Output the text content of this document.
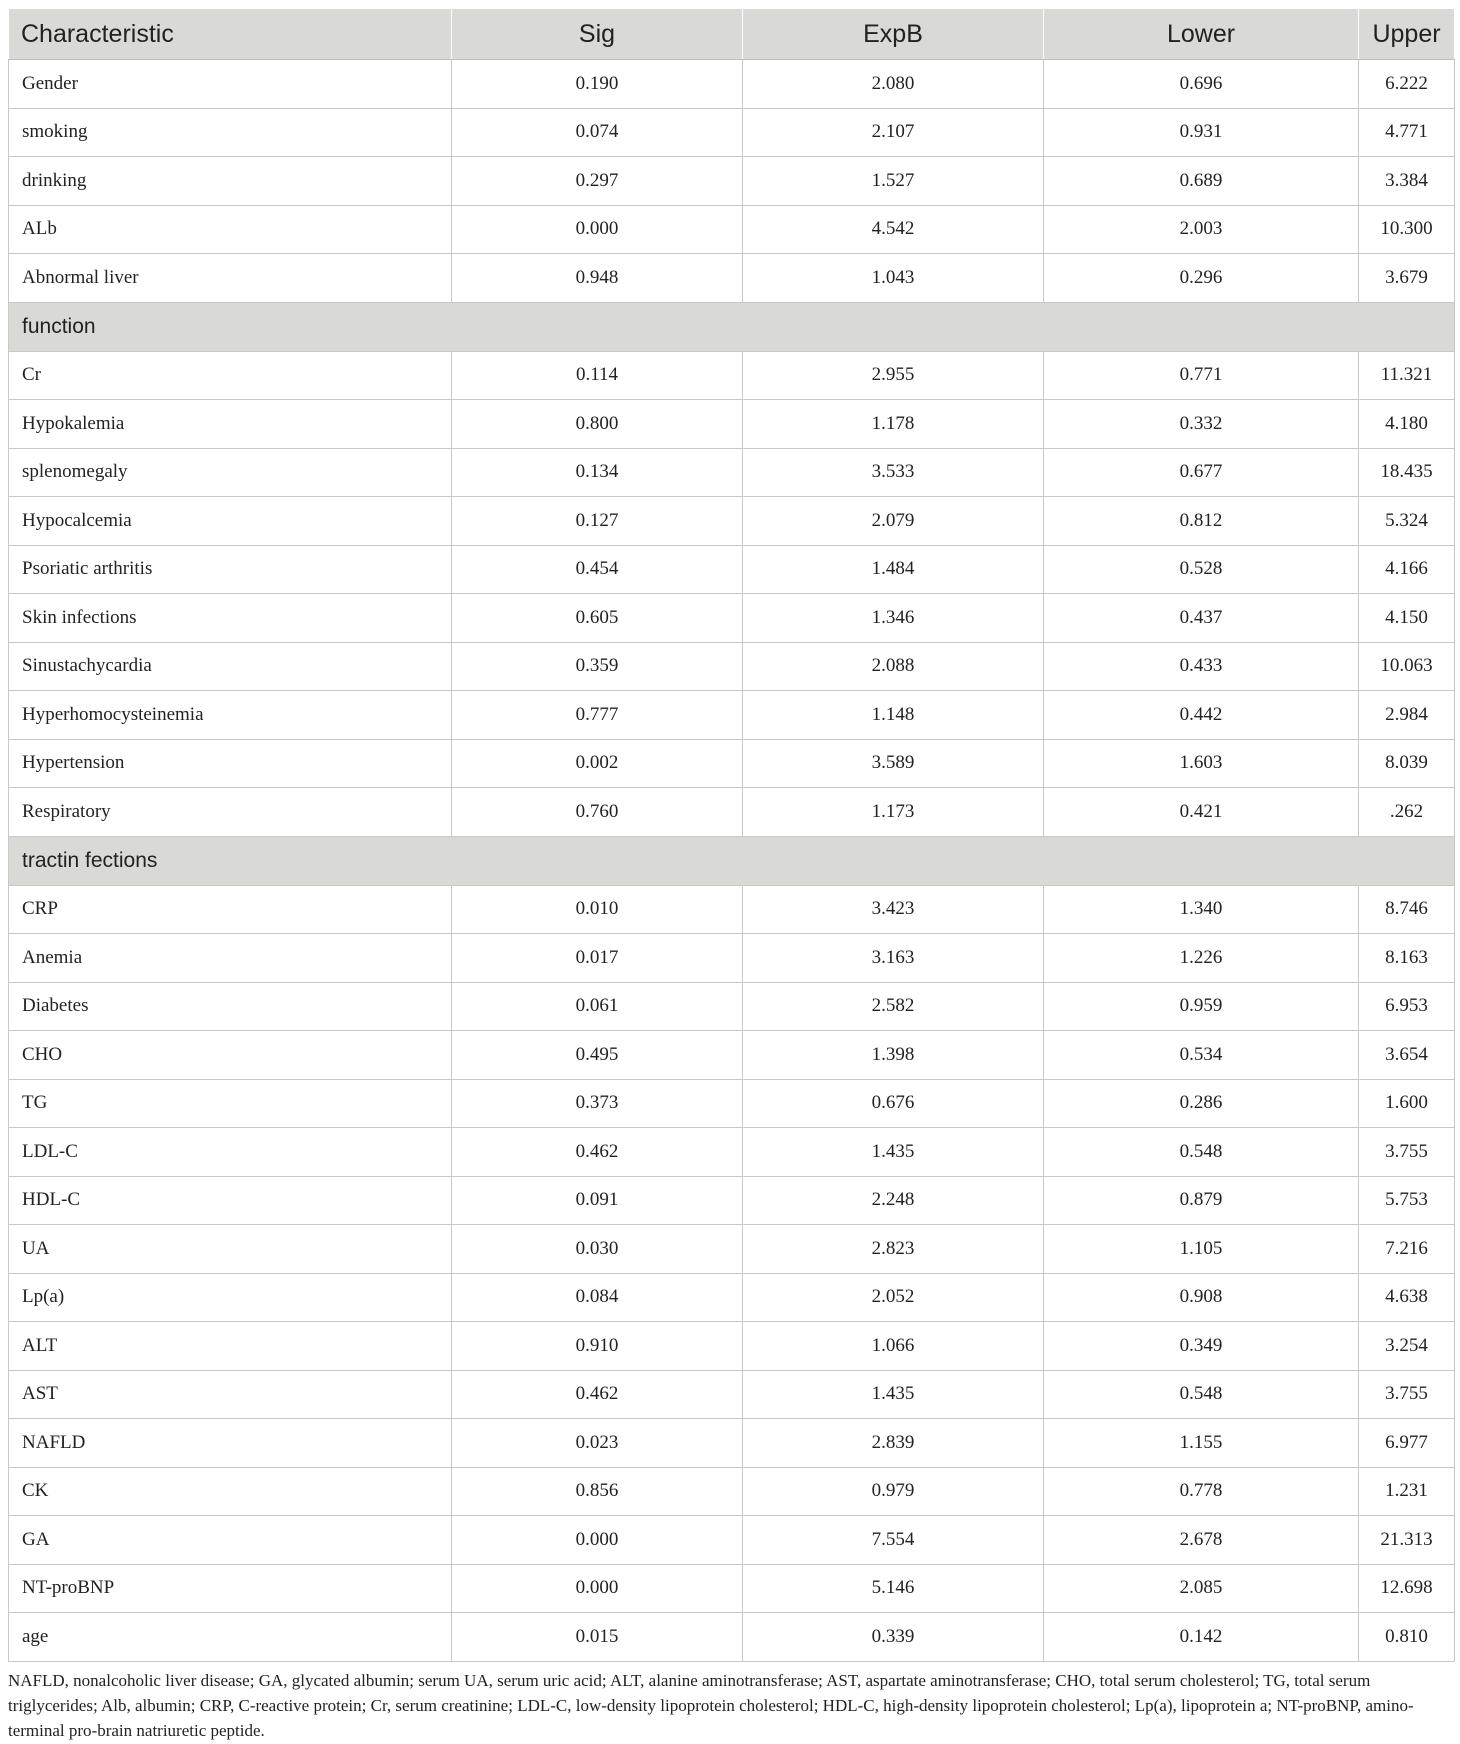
Characteristic	Sig	ExpB	Lower	Upper
Gender	0.190	2.080	0.696	6.222
smoking	0.074	2.107	0.931	4.771
drinking	0.297	1.527	0.689	3.384
ALb	0.000	4.542	2.003	10.300
Abnormal liver	0.948	1.043	0.296	3.679
function				
Cr	0.114	2.955	0.771	11.321
Hypokalemia	0.800	1.178	0.332	4.180
splenomegaly	0.134	3.533	0.677	18.435
Hypocalcemia	0.127	2.079	0.812	5.324
Psoriatic arthritis	0.454	1.484	0.528	4.166
Skin infections	0.605	1.346	0.437	4.150
Sinustachycardia	0.359	2.088	0.433	10.063
Hyperhomocysteinemia	0.777	1.148	0.442	2.984
Hypertension	0.002	3.589	1.603	8.039
Respiratory	0.760	1.173	0.421	.262
tractin fections				
CRP	0.010	3.423	1.340	8.746
Anemia	0.017	3.163	1.226	8.163
Diabetes	0.061	2.582	0.959	6.953
CHO	0.495	1.398	0.534	3.654
TG	0.373	0.676	0.286	1.600
LDL-C	0.462	1.435	0.548	3.755
HDL-C	0.091	2.248	0.879	5.753
UA	0.030	2.823	1.105	7.216
Lp(a)	0.084	2.052	0.908	4.638
ALT	0.910	1.066	0.349	3.254
AST	0.462	1.435	0.548	3.755
NAFLD	0.023	2.839	1.155	6.977
CK	0.856	0.979	0.778	1.231
GA	0.000	7.554	2.678	21.313
NT-proBNP	0.000	5.146	2.085	12.698
age	0.015	0.339	0.142	0.810
NAFLD, nonalcoholic liver disease; GA, glycated albumin; serum UA, serum uric acid; ALT, alanine aminotransferase; AST, aspartate aminotransferase; CHO, total serum cholesterol; TG, total serum triglycerides; Alb, albumin; CRP, C-reactive protein; Cr, serum creatinine; LDL-C, low-density lipoprotein cholesterol; HDL-C, high-density lipoprotein cholesterol; Lp(a), lipoprotein a; NT-proBNP, amino-terminal pro-brain natriuretic peptide.
